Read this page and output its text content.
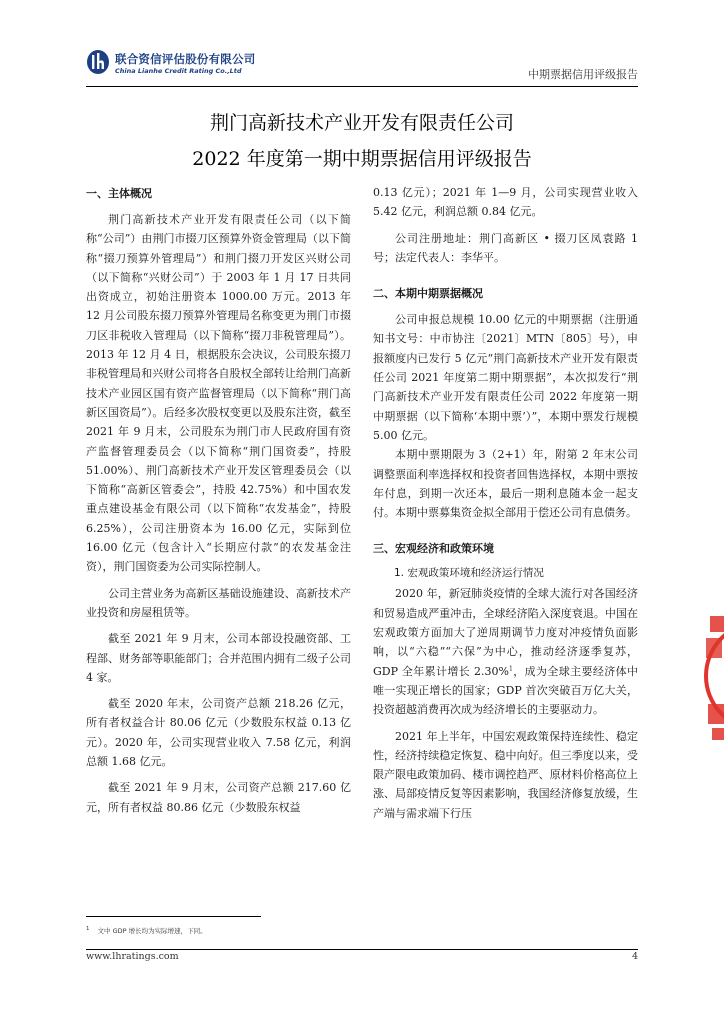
联合资信评估股份有限公司
China Lianhe Credit Rating Co.,Ltd	中期票据信用评级报告
荆门高新技术产业开发有限责任公司
2022 年度第一期中期票据信用评级报告
一、主体概况

荆门高新技术产业开发有限责任公司（以下简称“公司”）由荆门市掇刀区预算外资金管理局（以下简称“掇刀预算外管理局”）和荆门掇刀开发区兴财公司（以下简称“兴财公司”）于 2003 年 1 月 17 日共同出资成立，初始注册资本 1000.00 万元。2013 年 12 月公司股东掇刀预算外管理局名称变更为荆门市掇刀区非税收入管理局（以下简称“掇刀非税管理局”）。2013 年 12 月 4 日，根据股东会决议，公司股东掇刀非税管理局和兴财公司将各自股权全部转让给荆门高新技术产业园区国有资产监督管理局（以下简称“荆门高新区国资局”）。后经多次股权变更以及股东注资，截至 2021 年 9 月末，公司股东为荆门市人民政府国有资产监督管理委员会（以下简称“荆门国资委”，持股 51.00%）、荆门高新技术产业开发区管理委员会（以下简称“高新区管委会”，持股 42.75%）和中国农发重点建设基金有限公司（以下简称“农发基金”，持股 6.25%），公司注册资本为 16.00 亿元，实际到位 16.00 亿元（包含计入“长期应付款”的农发基金注资），荆门国资委为公司实际控制人。

公司主营业务为高新区基础设施建设、高新技术产业投资和房屋租赁等。

截至 2021 年 9 月末，公司本部设投融资部、工程部、财务部等职能部门；合并范围内拥有二级子公司 4 家。

截至 2020 年末，公司资产总额 218.26 亿元，所有者权益合计 80.06 亿元（少数股东权益 0.13 亿元）。2020 年，公司实现营业收入 7.58 亿元，利润总额 1.68 亿元。

截至 2021 年 9 月末，公司资产总额 217.60 亿元，所有者权益 80.86 亿元（少数股东权益

0.13 亿元）；2021 年 1—9 月，公司实现营业收入 5.42 亿元，利润总额 0.84 亿元。

公司注册地址：荆门高新区 • 掇刀区凤袁路 1 号；法定代表人：李华平。

二、本期中期票据概况

公司申报总规模 10.00 亿元的中期票据（注册通知书文号：中市协注〔2021〕MTN〔805〕号），申报额度内已发行 5 亿元“荆门高新技术产业开发有限责任公司 2021 年度第二期中期票据”，本次拟发行“荆门高新技术产业开发有限责任公司 2022 年度第一期中期票据（以下简称‘本期中票’）”，本期中票发行规模 5.00 亿元。

本期中票期限为 3（2+1）年，附第 2 年末公司调整票面利率选择权和投资者回售选择权，本期中票按年付息，到期一次还本，最后一期利息随本金一起支付。本期中票募集资金拟全部用于偿还公司有息债务。

三、宏观经济和政策环境
1. 宏观政策环境和经济运行情况

2020 年，新冠肺炎疫情的全球大流行对各国经济和贸易造成严重冲击，全球经济陷入深度衰退。中国在宏观政策方面加大了逆周期调节力度对冲疫情负面影响，以“六稳”“六保”为中心，推动经济逐季复苏，GDP 全年累计增长 2.30%$^1$，成为全球主要经济体中唯一实现正增长的国家；GDP 首次突破百万亿大关，投资超越消费再次成为经济增长的主要驱动力。

2021 年上半年，中国宏观政策保持连续性、稳定性，经济持续稳定恢复、稳中向好。但三季度以来，受限产限电政策加码、楼市调控趋严、原材料价格高位上涨、局部疫情反复等因素影响，我国经济修复放缓，生产端与需求端下行压

$^1$ 文中 GDP 增长均为实际增速，下同。
www.lhratings.com	4
